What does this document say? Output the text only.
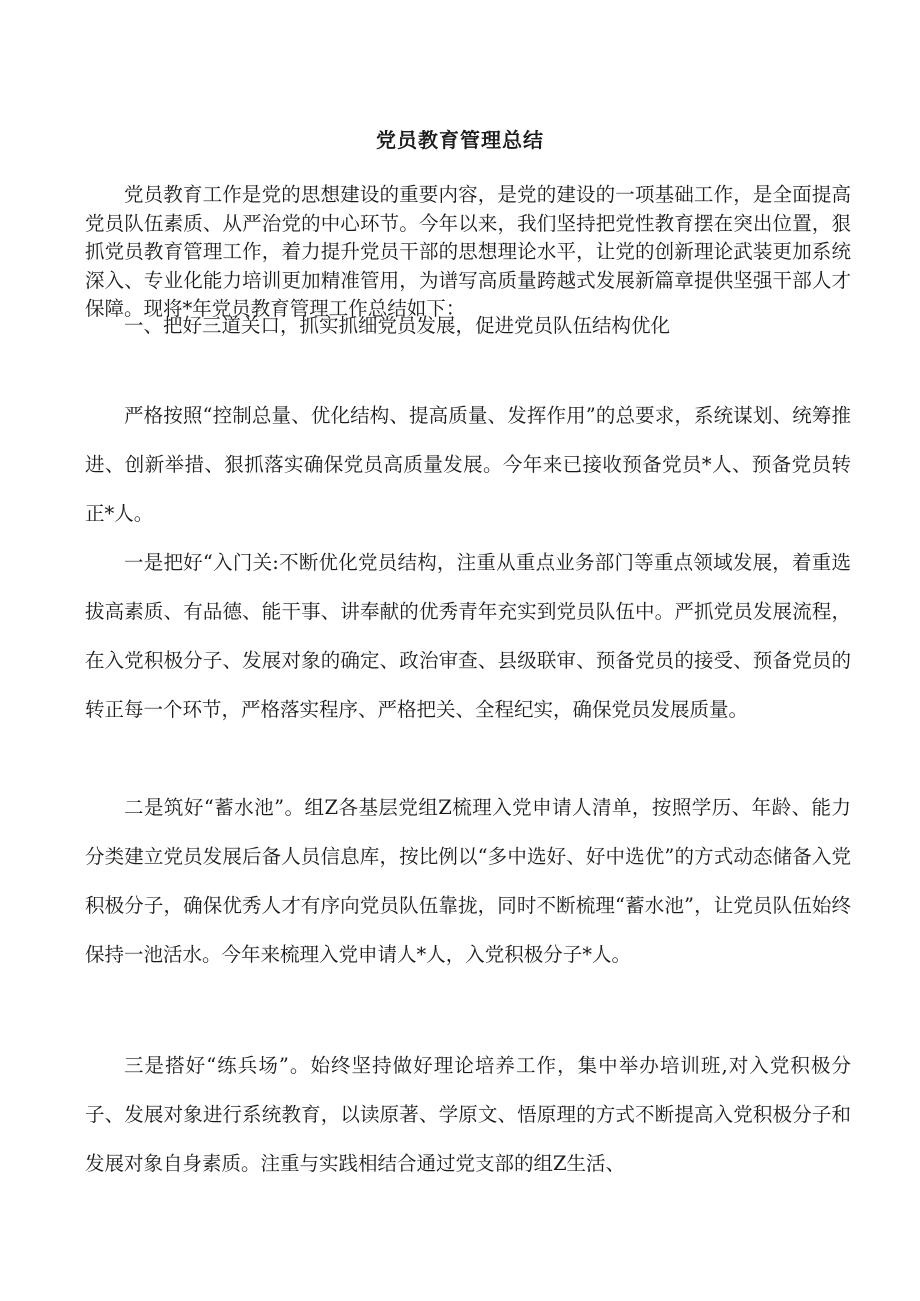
党员教育管理总结

党员教育工作是党的思想建设的重要内容，是党的建设的一项基础工作，是全面提高党员队伍素质、从严治党的中心环节。今年以来，我们坚持把党性教育摆在突出位置，狠抓党员教育管理工作，着力提升党员干部的思想理论水平，让党的创新理论武装更加系统深入、专业化能力培训更加精准管用，为谱写高质量跨越式发展新篇章提供坚强干部人才保障。现将*年党员教育管理工作总结如下：

一、把好三道关口，抓实抓细党员发展，促进党员队伍结构优化

严格按照“控制总量、优化结构、提高质量、发挥作用”的总要求，系统谋划、统筹推进、创新举措、狠抓落实确保党员高质量发展。今年来已接收预备党员*人、预备党员转正*人。

一是把好“入门关:不断优化党员结构，注重从重点业务部门等重点领域发展，着重选拔高素质、有品德、能干事、讲奉献的优秀青年充实到党员队伍中。严抓党员发展流程，在入党积极分子、发展对象的确定、政治审查、县级联审、预备党员的接受、预备党员的转正每一个环节，严格落实程序、严格把关、全程纪实，确保党员发展质量。

二是筑好“蓄水池”。组Z各基层党组Z梳理入党申请人清单，按照学历、年龄、能力分类建立党员发展后备人员信息库，按比例以“多中选好、好中选优”的方式动态储备入党积极分子，确保优秀人才有序向党员队伍靠拢，同时不断梳理“蓄水池”，让党员队伍始终保持一池活水。今年来梳理入党申请人*人，入党积极分子*人。

三是搭好“练兵场”。始终坚持做好理论培养工作，集中举办培训班,对入党积极分子、发展对象进行系统教育，以读原著、学原文、悟原理的方式不断提高入党积极分子和发展对象自身素质。注重与实践相结合通过党支部的组Z生活、
